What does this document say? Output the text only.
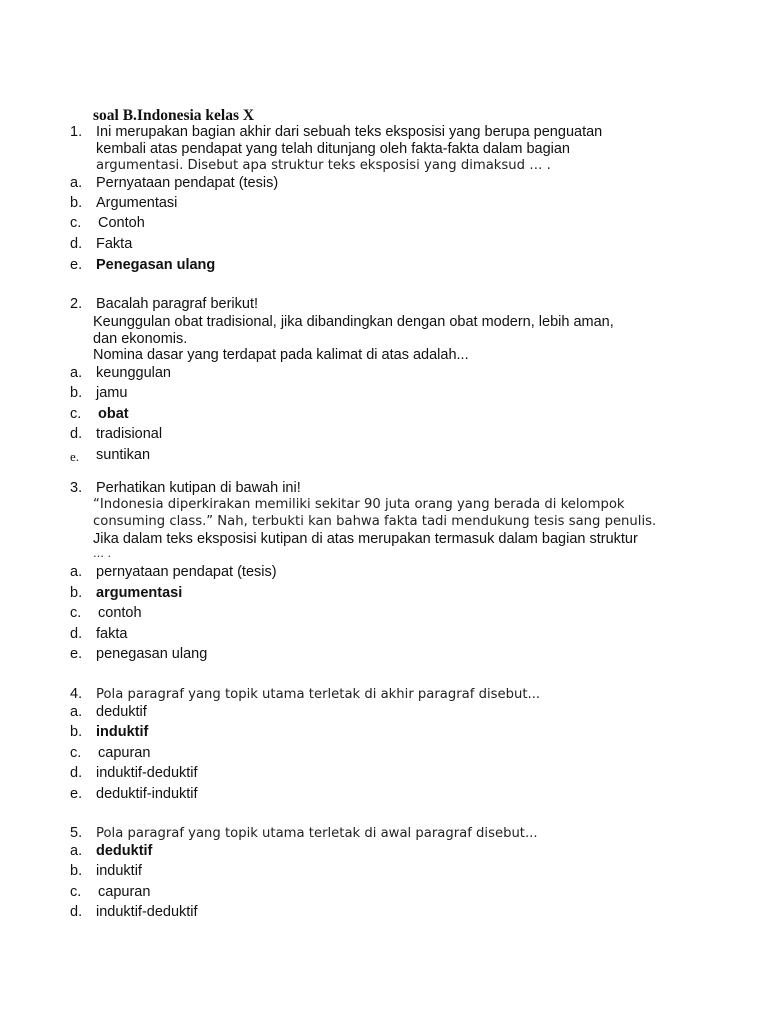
soal B.Indonesia kelas X
1. Ini merupakan bagian akhir dari sebuah teks eksposisi yang berupa penguatan
kembali atas pendapat yang telah ditunjang oleh fakta-fakta dalam bagian
argumentasi. Disebut apa struktur teks eksposisi yang dimaksud … .
a. Pernyataan pendapat (tesis)
b. Argumentasi
c. Contoh
d. Fakta
e. Penegasan ulang
2. Bacalah paragraf berikut!
Keunggulan obat tradisional, jika dibandingkan dengan obat modern, lebih aman,
dan ekonomis.
Nomina dasar yang terdapat pada kalimat di atas adalah...
a. keunggulan
b. jamu
c. obat
d. tradisional
e. suntikan
3. Perhatikan kutipan di bawah ini!
“Indonesia diperkirakan memiliki sekitar 90 juta orang yang berada di kelompok
consuming class.” Nah, terbukti kan bahwa fakta tadi mendukung tesis sang penulis.
Jika dalam teks eksposisi kutipan di atas merupakan termasuk dalam bagian struktur
… .
a. pernyataan pendapat (tesis)
b. argumentasi
c. contoh
d. fakta
e. penegasan ulang
4. Pola paragraf yang topik utama terletak di akhir paragraf disebut...
a. deduktif
b. induktif
c. capuran
d. induktif-deduktif
e. deduktif-induktif
5. Pola paragraf yang topik utama terletak di awal paragraf disebut...
a. deduktif
b. induktif
c. capuran
d. induktif-deduktif
